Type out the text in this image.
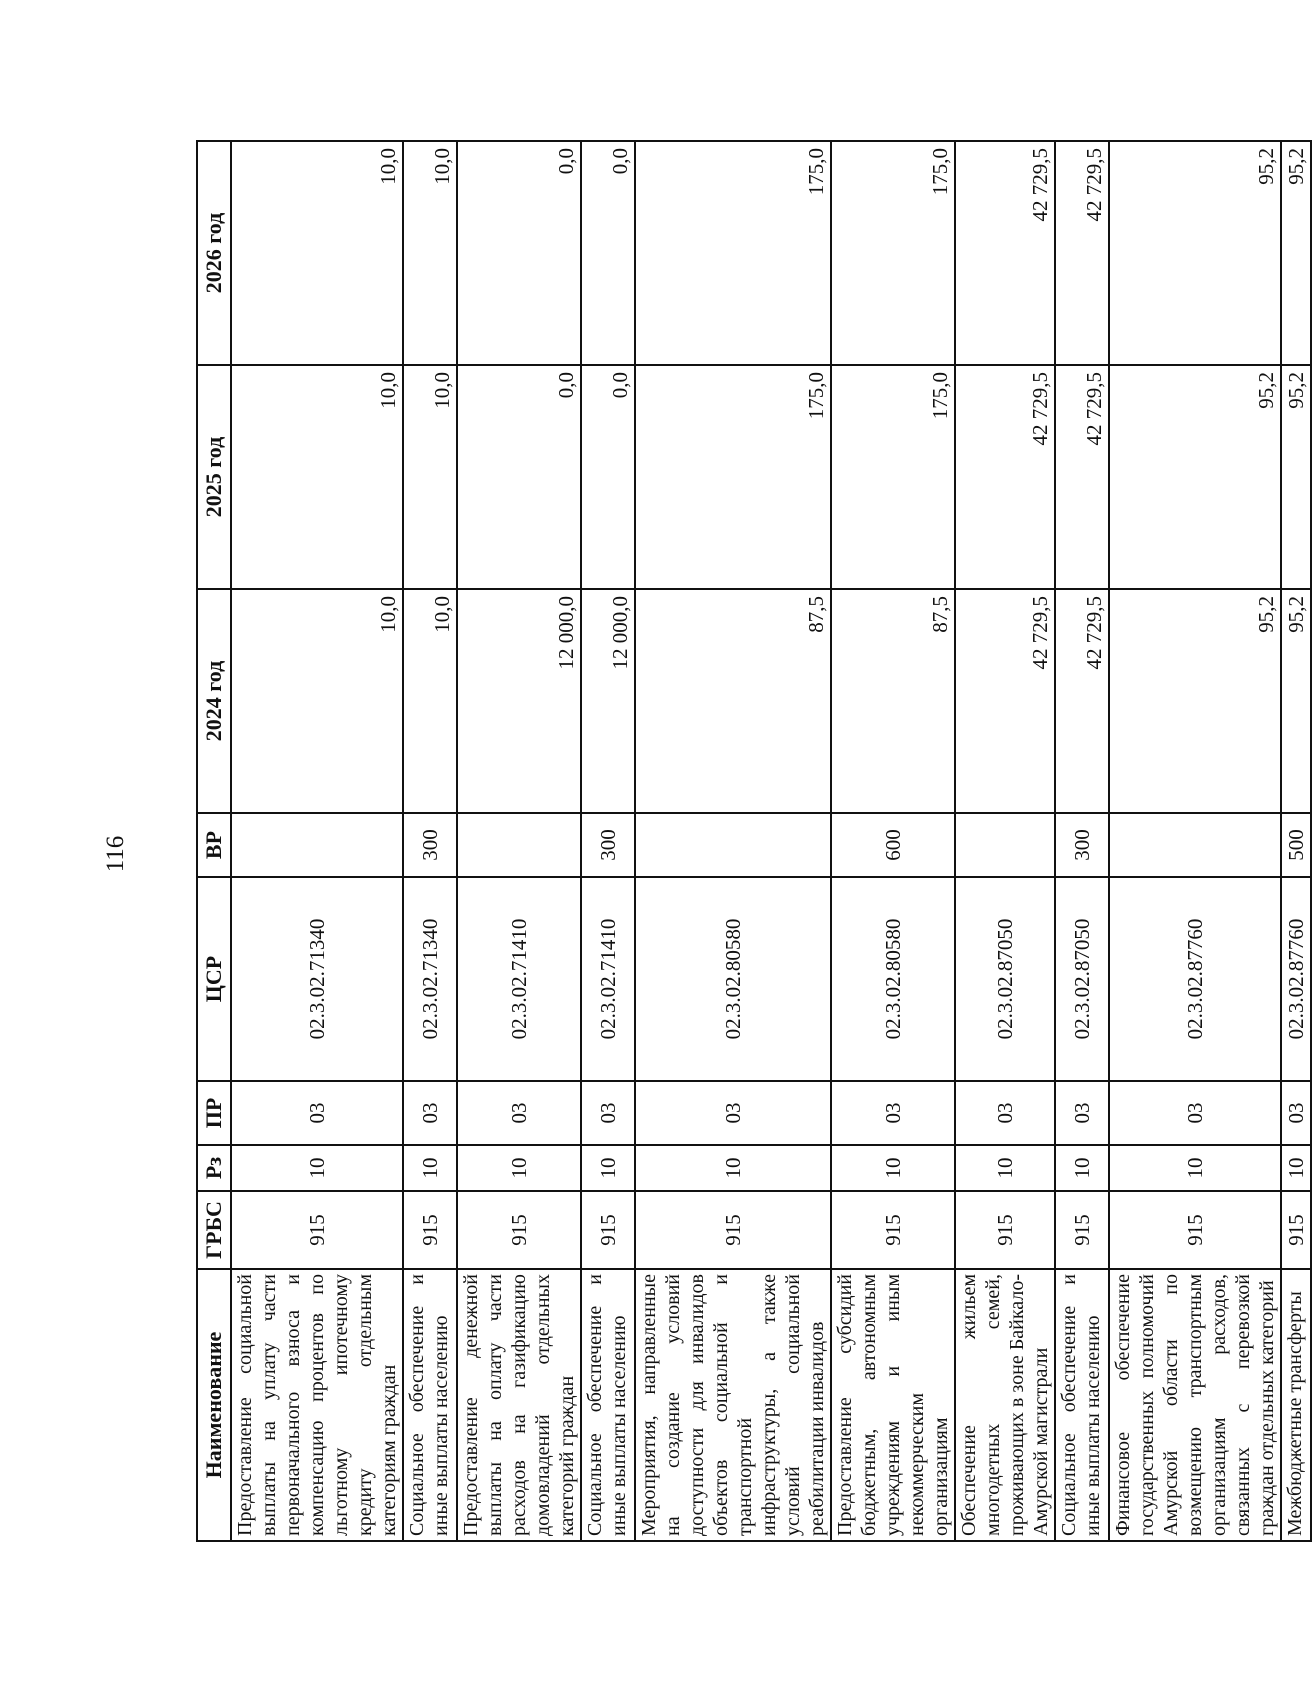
116
Наименование	ГРБС	Рз	ПР	ЦСР	ВР	2024 год	2025 год	2026 год
Предоставление социальной выплаты на уплату части первоначального взноса и компенсацию процентов по льготному ипотечному кредиту отдельным категориям граждан	915	10	03	02.3.02.71340		10,0	10,0	10,0
Социальное обеспечение и иные выплаты населению	915	10	03	02.3.02.71340	300	10,0	10,0	10,0
Предоставление денежной выплаты на оплату части расходов на газификацию домовладений отдельных категорий граждан	915	10	03	02.3.02.71410		12 000,0	0,0	0,0
Социальное обеспечение и иные выплаты населению	915	10	03	02.3.02.71410	300	12 000,0	0,0	0,0
Мероприятия, направленные на создание условий доступности для инвалидов объектов социальной и транспортной инфраструктуры, а также условий социальной реабилитации инвалидов	915	10	03	02.3.02.80580		87,5	175,0	175,0
Предоставление субсидий бюджетным, автономным учреждениям и иным некоммерческим организациям	915	10	03	02.3.02.80580	600	87,5	175,0	175,0
Обеспечение жильем многодетных семей, проживающих в зоне Байкало-Амурской магистрали	915	10	03	02.3.02.87050		42 729,5	42 729,5	42 729,5
Социальное обеспечение и иные выплаты населению	915	10	03	02.3.02.87050	300	42 729,5	42 729,5	42 729,5
Финансовое обеспечение государственных полномочий Амурской области по возмещению транспортным организациям расходов, связанных с перевозкой граждан отдельных категорий	915	10	03	02.3.02.87760		95,2	95,2	95,2
Межбюджетные трансферты	915	10	03	02.3.02.87760	500	95,2	95,2	95,2
